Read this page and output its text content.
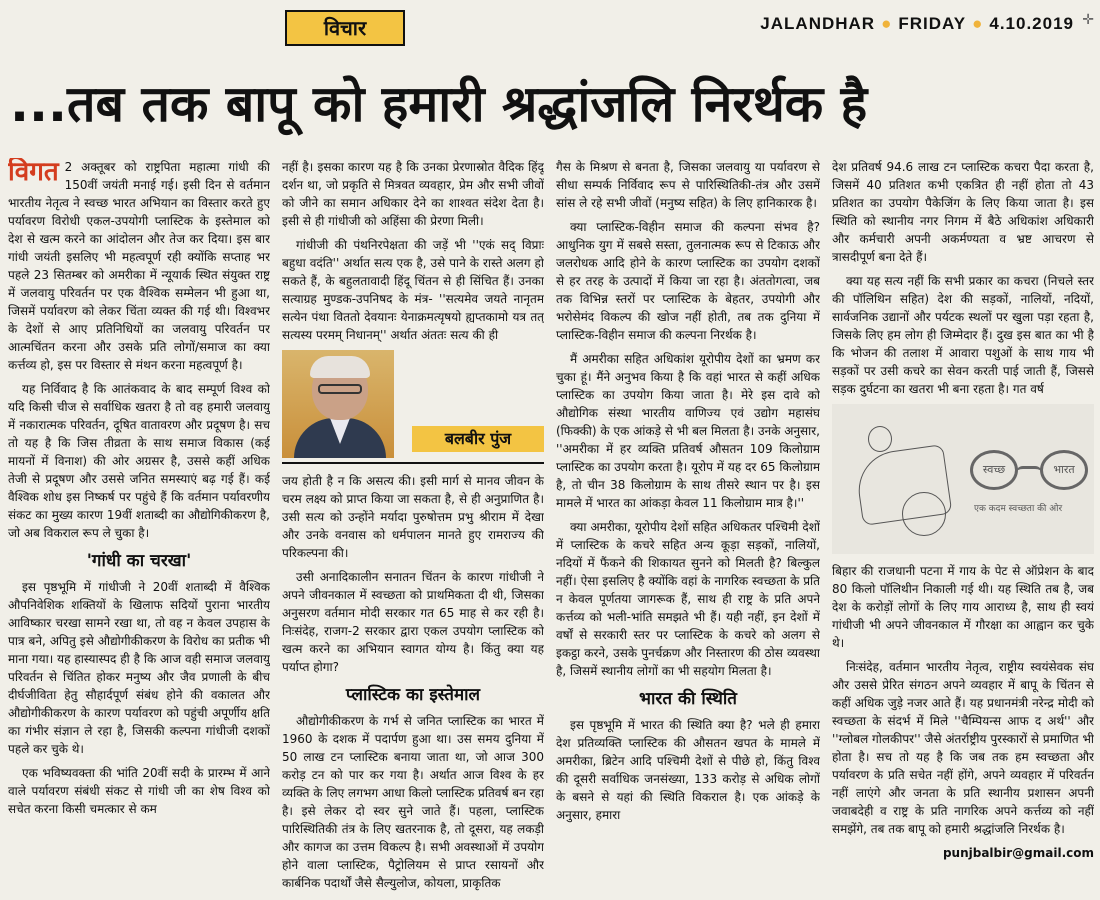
विचार	JALANDHAR ● FRIDAY ● 4.10.2019 ✛
...तब तक बापू को हमारी श्रद्धांजलि निरर्थक है

विगत 2 अक्तूबर को राष्ट्रपिता महात्मा गांधी की 150वीं जयंती मनाई गई। इसी दिन से वर्तमान भारतीय नेतृत्व ने स्वच्छ भारत अभियान का विस्तार करते हुए पर्यावरण विरोधी एकल-उपयोगी प्लास्टिक के इस्तेमाल को देश से खत्म करने का आंदोलन और तेज कर दिया। इस बार गांधी जयंती इसलिए भी महत्वपूर्ण रही क्योंकि सप्ताह भर पहले 23 सितम्बर को अमरीका में न्यूयार्क स्थित संयुक्त राष्ट्र में जलवायु परिवर्तन पर एक वैश्विक सम्मेलन भी हुआ था, जिसमें पर्यावरण को लेकर चिंता व्यक्त की गई थी। विश्वभर के देशों से आए प्रतिनिधियों का जलवायु परिवर्तन पर आत्मचिंतन करना और उसके प्रति लोगों/समाज का क्या कर्त्तव्य हो, इस पर विस्तार से मंथन करना महत्वपूर्ण है।

यह निर्विवाद है कि आतंकवाद के बाद सम्पूर्ण विश्व को यदि किसी चीज से सर्वाधिक खतरा है तो वह हमारी जलवायु में नकारात्मक परिवर्तन, दूषित वातावरण और प्रदूषण है। सच तो यह है कि जिस तीव्रता के साथ समाज विकास (कई मायनों में विनाश) की ओर अग्रसर है, उससे कहीं अधिक तेजी से प्रदूषण और उससे जनित समस्याएं बढ़ गई हैं। कई वैश्विक शोध इस निष्कर्ष पर पहुंचे हैं कि वर्तमान पर्यावरणीय संकट का मुख्य कारण 19वीं शताब्दी का औद्योगिकीकरण है, जो अब विकराल रूप ले चुका है।

'गांधी का चरखा'

इस पृष्ठभूमि में गांधीजी ने 20वीं शताब्दी में वैश्विक औपनिवेशिक शक्तियों के खिलाफ सदियों पुराना भारतीय आविष्कार चरखा सामने रखा था, तो वह न केवल उपहास के पात्र बने, अपितु इसे औद्योगीकीकरण के विरोध का प्रतीक भी माना गया। यह हास्यास्पद ही है कि आज वही समाज जलवायु परिवर्तन से चिंतित होकर मनुष्य और जैव प्रणाली के बीच दीर्घजीविता हेतु सौहार्दपूर्ण संबंध होने की वकालत और औद्योगीकीकरण के कारण पर्यावरण को पहुंची अपूर्णीय क्षति का गंभीर संज्ञान ले रहा है, जिसकी कल्पना गांधीजी दशकों पहले कर चुके थे।

एक भविष्यवक्ता की भांति 20वीं सदी के प्रारम्भ में आने वाले पर्यावरण संबंधी संकट से गांधी जी का शेष विश्व को सचेत करना किसी चमत्कार से कम

नहीं है। इसका कारण यह है कि उनका प्रेरणास्रोत वैदिक हिंदू दर्शन था, जो प्रकृति से मित्रवत व्यवहार, प्रेम और सभी जीवों को जीने का समान अधिकार देने का शाश्वत संदेश देता है। इसी से ही गांधीजी को अहिंसा की प्रेरणा मिली।

गांधीजी की पंथनिरपेक्षता की जड़ें भी ''एकं सद् विप्राः बहुधा वदंति'' अर्थात सत्य एक है, उसे पाने के रास्ते अलग हो सकते हैं, के बहुलतावादी हिंदू चिंतन से ही सिंचित हैं। उनका सत्याग्रह मुण्डक-उपनिषद के मंत्र- ''सत्यमेव जयते नानृतम सत्येन पंथा विततो देवयानः येनाक्रमत्यृषयो ह्यप्तकामो यत्र तत् सत्यस्य परमम् निधानम्'' अर्थात अंततः सत्य की ही

बलबीर पुंज

जय होती है न कि असत्य की। इसी मार्ग से मानव जीवन के चरम लक्ष्य को प्राप्त किया जा सकता है, से ही अनुप्राणित है। उसी सत्य को उन्होंने मर्यादा पुरुषोत्तम प्रभु श्रीराम में देखा और उनके वनवास को धर्मपालन मानते हुए रामराज्य की परिकल्पना की।

उसी अनादिकालीन सनातन चिंतन के कारण गांधीजी ने अपने जीवनकाल में स्वच्छता को प्राथमिकता दी थी, जिसका अनुसरण वर्तमान मोदी सरकार गत 65 माह से कर रही है। निःसंदेह, राजग-2 सरकार द्वारा एकल उपयोग प्लास्टिक को खत्म करने का अभियान स्वागत योग्य है। किंतु क्या यह पर्याप्त होगा?

प्लास्टिक का इस्तेमाल

औद्योगीकीकरण के गर्भ से जनित प्लास्टिक का भारत में 1960 के दशक में पदार्पण हुआ था। उस समय दुनिया में 50 लाख टन प्लास्टिक बनाया जाता था, जो आज 300 करोड़ टन को पार कर गया है। अर्थात आज विश्व के हर व्यक्ति के लिए लगभग आधा किलो प्लास्टिक प्रतिवर्ष बन रहा है। इसे लेकर दो स्वर सुने जाते हैं। पहला, प्लास्टिक पारिस्थितिकी तंत्र के लिए खतरनाक है, तो दूसरा, यह लकड़ी और कागज का उत्तम विकल्प है। सभी अवस्थाओं में उपयोग होने वाला प्लास्टिक, पैट्रोलियम से प्राप्त रसायनों और कार्बनिक पदार्थों जैसे सैल्युलोज, कोयला, प्राकृतिक

गैस के मिश्रण से बनता है, जिसका जलवायु या पर्यावरण से सीधा सम्पर्क निर्विवाद रूप से पारिस्थितिकी-तंत्र और उसमें सांस ले रहे सभी जीवों (मनुष्य सहित) के लिए हानिकारक है।

क्या प्लास्टिक-विहीन समाज की कल्पना संभव है? आधुनिक युग में सबसे सस्ता, तुलनात्मक रूप से टिकाऊ और जलरोधक आदि होने के कारण प्लास्टिक का उपयोग दशकों से हर तरह के उत्पादों में किया जा रहा है। अंततोगत्वा, जब तक विभिन्न स्तरों पर प्लास्टिक के बेहतर, उपयोगी और भरोसेमंद विकल्प की खोज नहीं होती, तब तक दुनिया में प्लास्टिक-विहीन समाज की कल्पना निरर्थक है।

मैं अमरीका सहित अधिकांश यूरोपीय देशों का भ्रमण कर चुका हूं। मैंने अनुभव किया है कि वहां भारत से कहीं अधिक प्लास्टिक का उपयोग किया जाता है। मेरे इस दावे को औद्योगिक संस्था भारतीय वाणिज्य एवं उद्योग महासंघ (फिक्की) के एक आंकड़े से भी बल मिलता है। उनके अनुसार, ''अमरीका में हर व्यक्ति प्रतिवर्ष औसतन 109 किलोग्राम प्लास्टिक का उपयोग करता है। यूरोप में यह दर 65 किलोग्राम है, तो चीन 38 किलोग्राम के साथ तीसरे स्थान पर है। इस मामले में भारत का आंकड़ा केवल 11 किलोग्राम मात्र है।''

क्या अमरीका, यूरोपीय देशों सहित अधिकतर पश्चिमी देशों में प्लास्टिक के कचरे सहित अन्य कूड़ा सड़कों, नालियों, नदियों में फैंकने की शिकायत सुनने को मिलती है? बिल्कुल नहीं। ऐसा इसलिए है क्योंकि वहां के नागरिक स्वच्छता के प्रति न केवल पूर्णतया जागरूक हैं, साथ ही राष्ट्र के प्रति अपने कर्त्तव्य को भली-भांति समझते भी हैं। यही नहीं, इन देशों में वर्षों से सरकारी स्तर पर प्लास्टिक के कचरे को अलग से इकट्ठा करने, उसके पुनर्चक्रण और निस्तारण की ठोस व्यवस्था है, जिसमें स्थानीय लोगों का भी सहयोग मिलता है।

भारत की स्थिति

इस पृष्ठभूमि में भारत की स्थिति क्या है? भले ही हमारा देश प्रतिव्यक्ति प्लास्टिक की औसतन खपत के मामले में अमरीका, ब्रिटेन आदि पश्चिमी देशों से पीछे हो, किंतु विश्व की दूसरी सर्वाधिक जनसंख्या, 133 करोड़ से अधिक लोगों के बसने से यहां की स्थिति विकराल है। एक आंकड़े के अनुसार, हमारा

देश प्रतिवर्ष 94.6 लाख टन प्लास्टिक कचरा पैदा करता है, जिसमें 40 प्रतिशत कभी एकत्रित ही नहीं होता तो 43 प्रतिशत का उपयोग पैकेजिंग के लिए किया जाता है। इस स्थिति को स्थानीय नगर निगम में बैठे अधिकांश अधिकारी और कर्मचारी अपनी अकर्मण्यता व भ्रष्ट आचरण से त्रासदीपूर्ण बना देते हैं।

क्या यह सत्य नहीं कि सभी प्रकार का कचरा (निचले स्तर की पॉलिथिन सहित) देश की सड़कों, नालियों, नदियों, सार्वजनिक उद्यानों और पर्यटक स्थलों पर खुला पड़ा रहता है, जिसके लिए हम लोग ही जिम्मेदार हैं। दुख इस बात का भी है कि भोजन की तलाश में आवारा पशुओं के साथ गाय भी सड़कों पर उसी कचरे का सेवन करती पाई जाती हैं, जिससे सड़क दुर्घटना का खतरा भी बना रहता है। गत वर्ष

स्वच्छ	भारत
एक कदम स्वच्छता की ओर

बिहार की राजधानी पटना में गाय के पेट से ऑप्रेशन के बाद 80 किलो पॉलिथीन निकाली गई थी। यह स्थिति तब है, जब देश के करोड़ों लोगों के लिए गाय आराध्य है, साथ ही स्वयं गांधीजी भी अपने जीवनकाल में गौरक्षा का आह्वान कर चुके थे।

निःसंदेह, वर्तमान भारतीय नेतृत्व, राष्ट्रीय स्वयंसेवक संघ और उससे प्रेरित संगठन अपने व्यवहार में बापू के चिंतन से कहीं अधिक जुड़े नजर आते हैं। यह प्रधानमंत्री नरेन्द्र मोदी को स्वच्छता के संदर्भ में मिले ''चैम्पियन्स आफ द अर्थ'' और ''ग्लोबल गोलकीपर'' जैसे अंतर्राष्ट्रीय पुरस्कारों से प्रमाणित भी होता है। सच तो यह है कि जब तक हम स्वच्छता और पर्यावरण के प्रति सचेत नहीं होंगे, अपने व्यवहार में परिवर्तन नहीं लाएंगे और जनता के प्रति स्थानीय प्रशासन अपनी जवाबदेही व राष्ट्र के प्रति नागरिक अपने कर्त्तव्य को नहीं समझेंगे, तब तक बापू को हमारी श्रद्धांजलि निरर्थक है।

punjbalbir@gmail.com
